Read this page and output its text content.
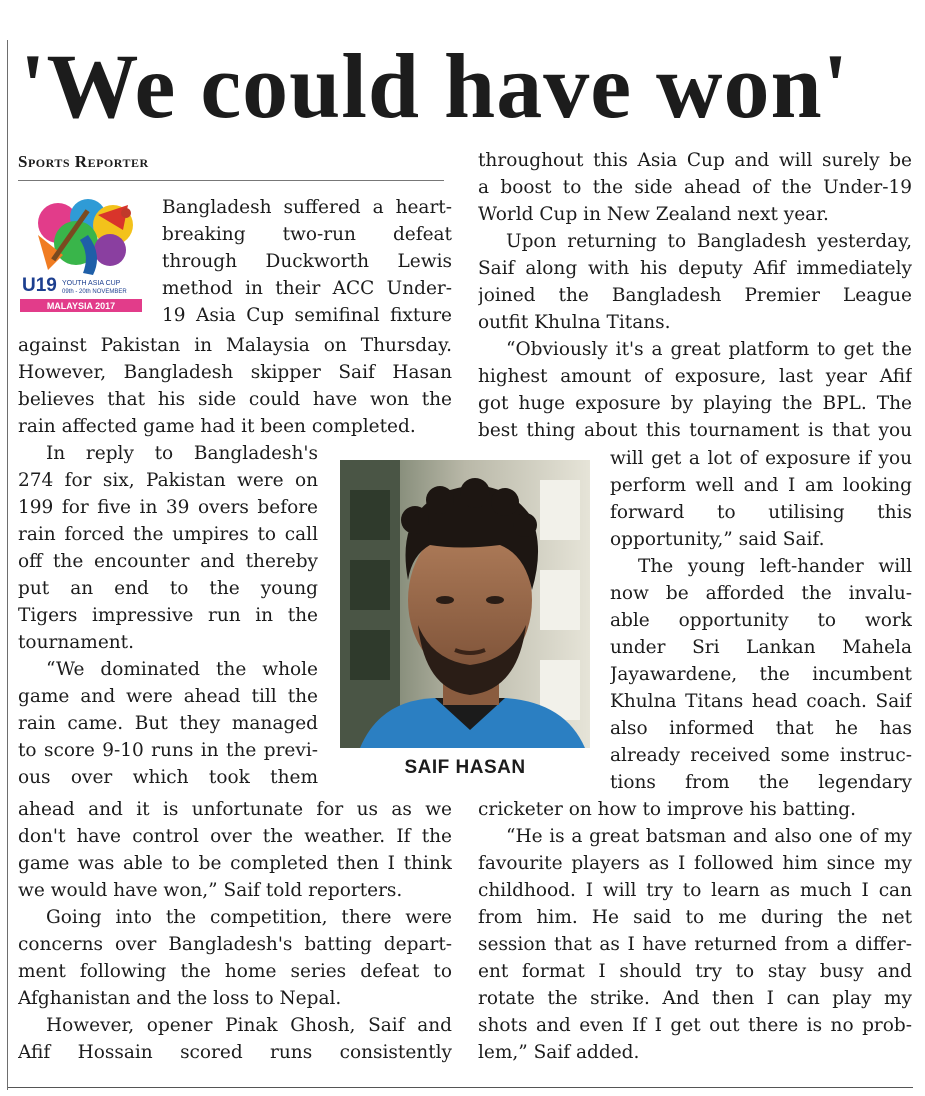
'We could have won'
Sports Reporter
U19 YOUTH ASIA CUP
09th - 20th NOVEMBER
MALAYSIA 2017
SAIF HASAN
Bangladesh suffered a heart-
breaking two-run defeat
through Duckworth Lewis
method in their ACC Under-
19 Asia Cup semifinal fixture
against Pakistan in Malaysia on Thursday.
However, Bangladesh skipper Saif Hasan
believes that his side could have won the
rain affected game had it been completed.
In reply to Bangladesh's
274 for six, Pakistan were on
199 for five in 39 overs before
rain forced the umpires to call
off the encounter and thereby
put an end to the young
Tigers impressive run in the
tournament.
“We dominated the whole
game and were ahead till the
rain came. But they managed
to score 9-10 runs in the previ-
ous over which took them
ahead and it is unfortunate for us as we
don't have control over the weather. If the
game was able to be completed then I think
we would have won,” Saif told reporters.
Going into the competition, there were
concerns over Bangladesh's batting depart-
ment following the home series defeat to
Afghanistan and the loss to Nepal.
However, opener Pinak Ghosh, Saif and
Afif Hossain scored runs consistently
throughout this Asia Cup and will surely be
a boost to the side ahead of the Under-19
World Cup in New Zealand next year.
Upon returning to Bangladesh yesterday,
Saif along with his deputy Afif immediately
joined the Bangladesh Premier League
outfit Khulna Titans.
“Obviously it's a great platform to get the
highest amount of exposure, last year Afif
got huge exposure by playing the BPL. The
best thing about this tournament is that you
will get a lot of exposure if you
perform well and I am looking
forward to utilising this
opportunity,” said Saif.
The young left-hander will
now be afforded the invalu-
able opportunity to work
under Sri Lankan Mahela
Jayawardene, the incumbent
Khulna Titans head coach. Saif
also informed that he has
already received some instruc-
tions from the legendary
cricketer on how to improve his batting.
“He is a great batsman and also one of my
favourite players as I followed him since my
childhood. I will try to learn as much I can
from him. He said to me during the net
session that as I have returned from a differ-
ent format I should try to stay busy and
rotate the strike. And then I can play my
shots and even If I get out there is no prob-
lem,” Saif added.
